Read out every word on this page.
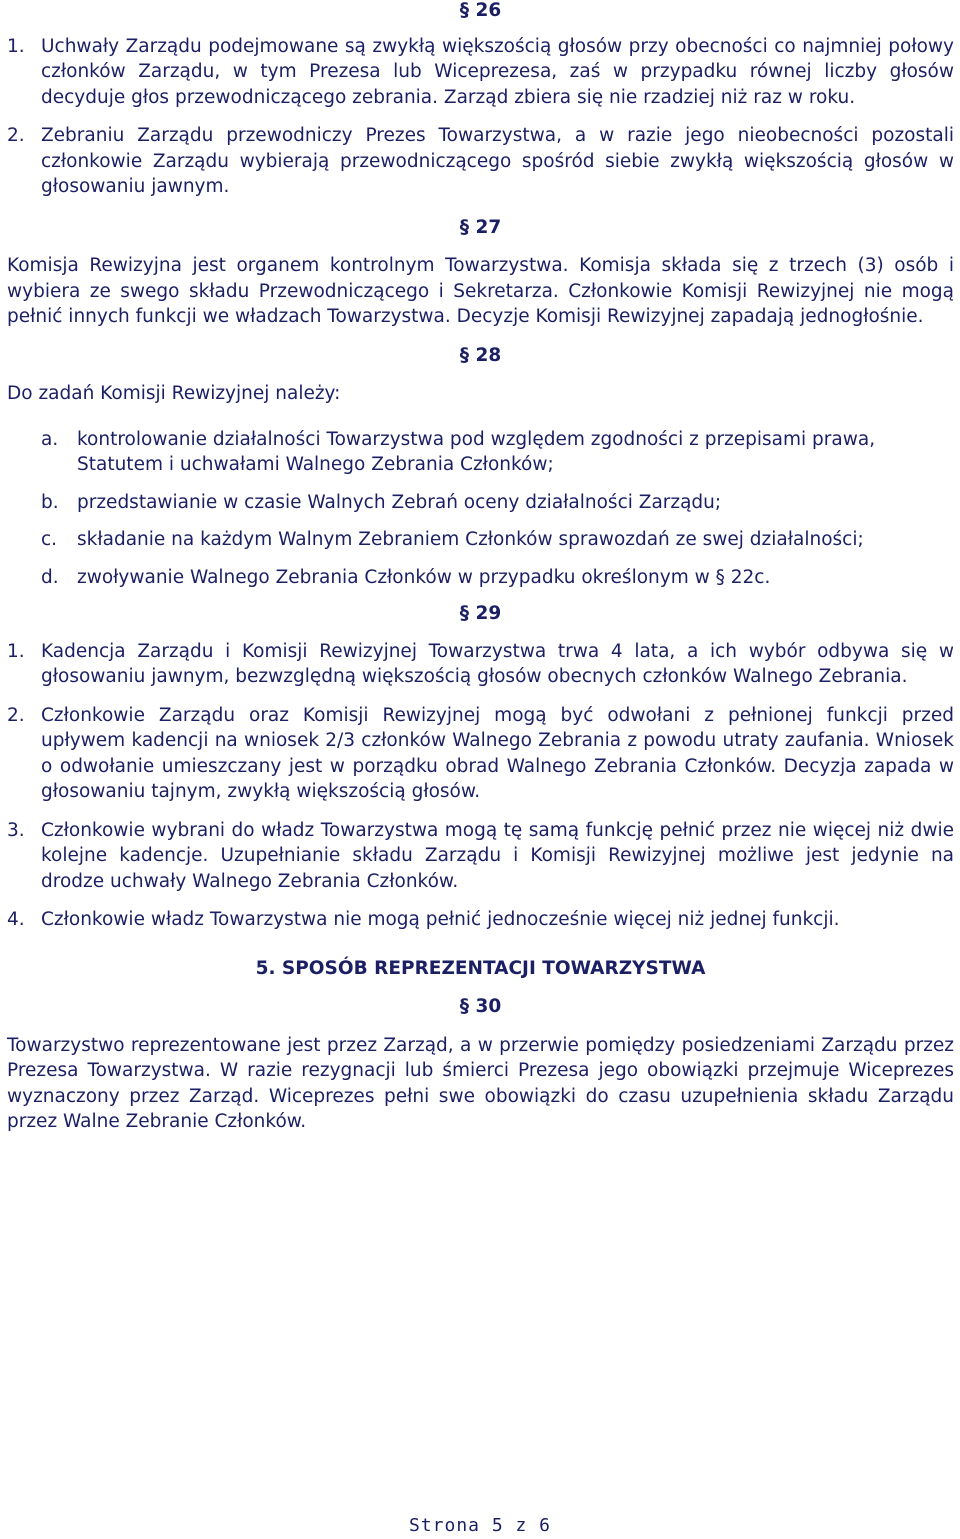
§ 26

1. Uchwały Zarządu podejmowane są zwykłą większością głosów przy obecności co najmniej połowy członków Zarządu, w tym Prezesa lub Wiceprezesa, zaś w przypadku równej liczby głosów decyduje głos przewodniczącego zebrania. Zarząd zbiera się nie rzadziej niż raz w roku.
2. Zebraniu Zarządu przewodniczy Prezes Towarzystwa, a w razie jego nieobecności pozostali członkowie Zarządu wybierają przewodniczącego spośród siebie zwykłą większością głosów w głosowaniu jawnym.

§ 27

Komisja Rewizyjna jest organem kontrolnym Towarzystwa. Komisja składa się z trzech (3) osób i wybiera ze swego składu Przewodniczącego i Sekretarza. Członkowie Komisji Rewizyjnej nie mogą pełnić innych funkcji we władzach Towarzystwa. Decyzje Komisji Rewizyjnej zapadają jednogłośnie.

§ 28

Do zadań Komisji Rewizyjnej należy:

a. kontrolowanie działalności Towarzystwa pod względem zgodności z przepisami prawa, Statutem i uchwałami Walnego Zebrania Członków;
b. przedstawianie w czasie Walnych Zebrań oceny działalności Zarządu;
c. składanie na każdym Walnym Zebraniem Członków sprawozdań ze swej działalności;
d. zwoływanie Walnego Zebrania Członków w przypadku określonym w § 22c.

§ 29

1. Kadencja Zarządu i Komisji Rewizyjnej Towarzystwa trwa 4 lata, a ich wybór odbywa się w głosowaniu jawnym, bezwzględną większością głosów obecnych członków Walnego Zebrania.
2. Członkowie Zarządu oraz Komisji Rewizyjnej mogą być odwołani z pełnionej funkcji przed upływem kadencji na wniosek 2/3 członków Walnego Zebrania z powodu utraty zaufania. Wniosek o odwołanie umieszczany jest w porządku obrad Walnego Zebrania Członków. Decyzja zapada w głosowaniu tajnym, zwykłą większością głosów.
3. Członkowie wybrani do władz Towarzystwa mogą tę samą funkcję pełnić przez nie więcej niż dwie kolejne kadencje. Uzupełnianie składu Zarządu i Komisji Rewizyjnej możliwe jest jedynie na drodze uchwały Walnego Zebrania Członków.
4. Członkowie władz Towarzystwa nie mogą pełnić jednocześnie więcej niż jednej funkcji.

5. SPOSÓB REPREZENTACJI TOWARZYSTWA

§ 30

Towarzystwo reprezentowane jest przez Zarząd, a w przerwie pomiędzy posiedzeniami Zarządu przez Prezesa Towarzystwa. W razie rezygnacji lub śmierci Prezesa jego obowiązki przejmuje Wiceprezes wyznaczony przez Zarząd. Wiceprezes pełni swe obowiązki do czasu uzupełnienia składu Zarządu przez Walne Zebranie Członków.

Strona 5 z 6
